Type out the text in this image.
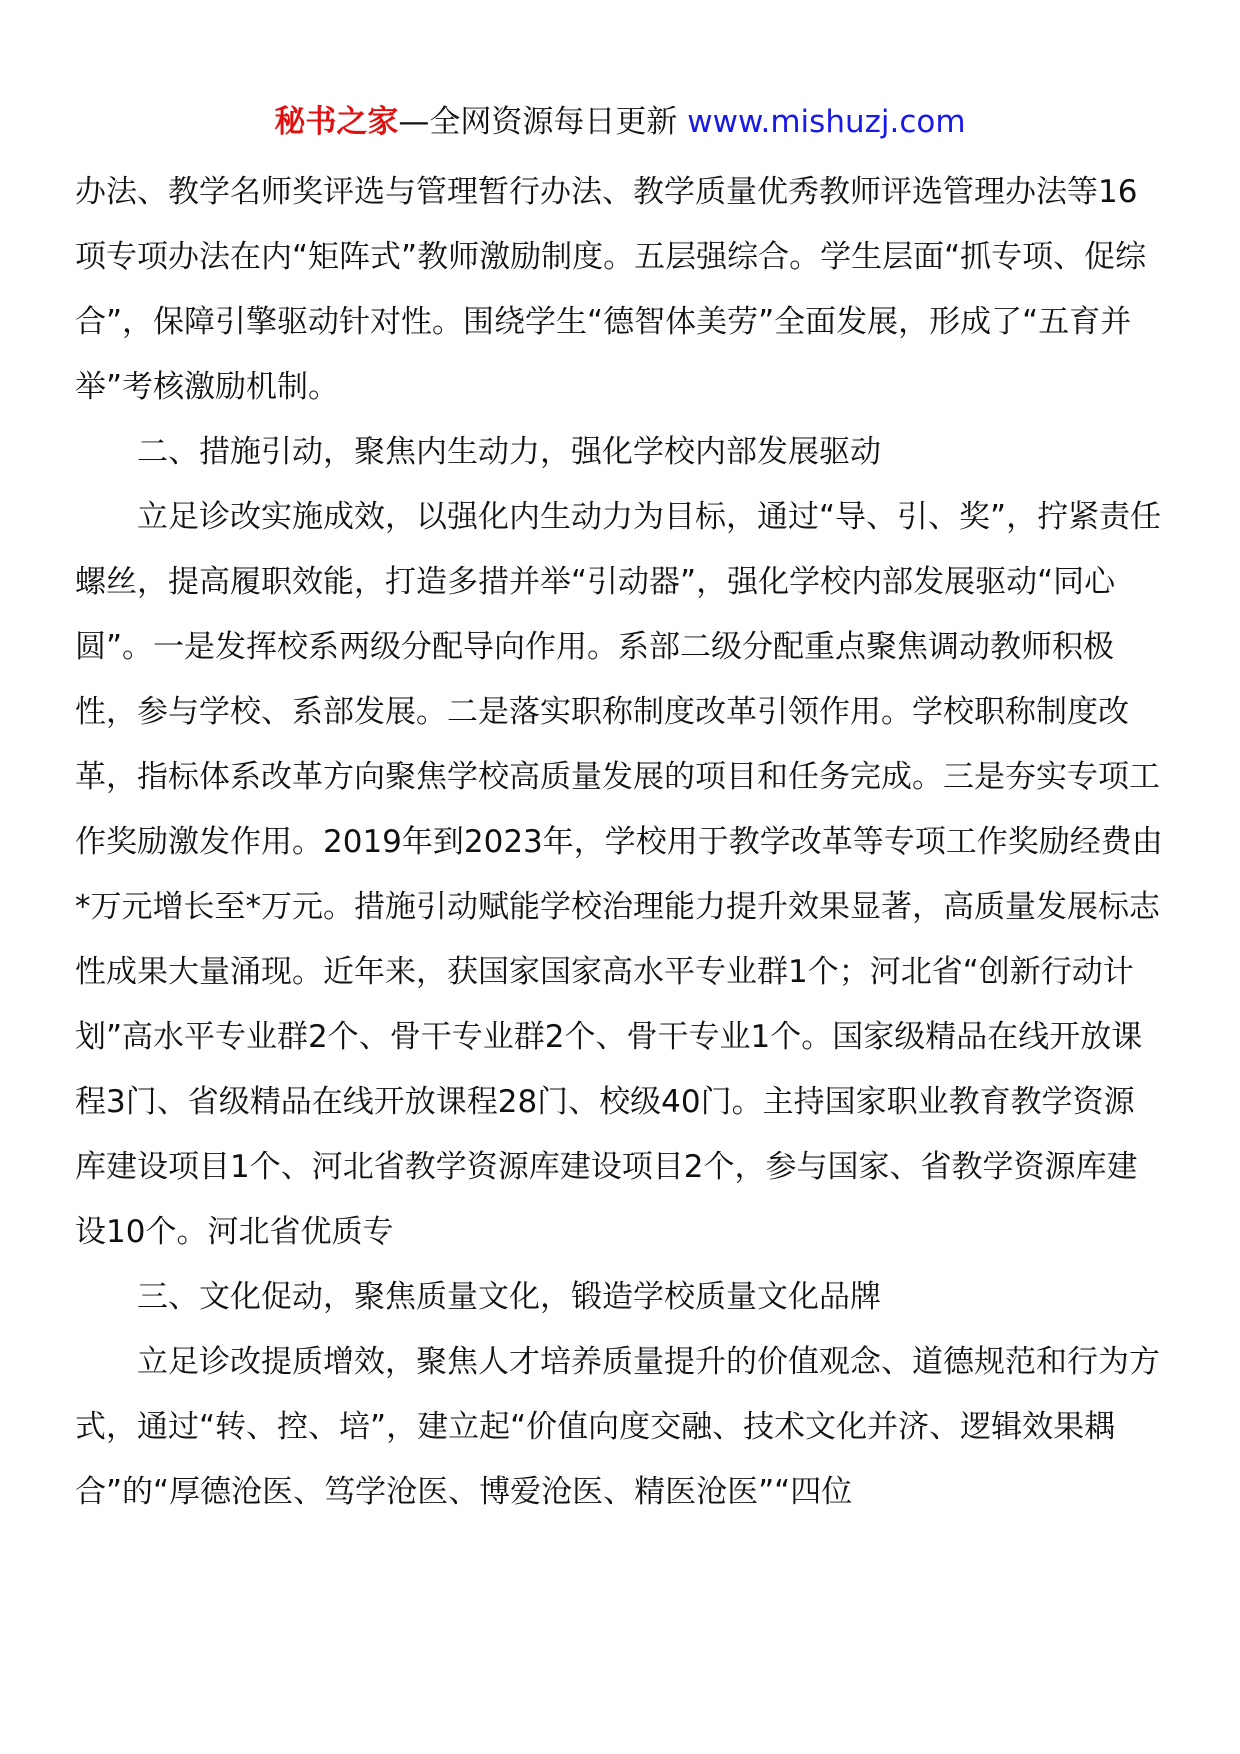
秘书之家—全网资源每日更新 www.mishuzj.com

办法、教学名师奖评选与管理暂行办法、教学质量优秀教师评选管理办法等16项专项办法在内“矩阵式”教师激励制度。五层强综合。学生层面“抓专项、促综合”，保障引擎驱动针对性。围绕学生“德智体美劳”全面发展，形成了“五育并举”考核激励机制。

二、措施引动，聚焦内生动力，强化学校内部发展驱动

立足诊改实施成效，以强化内生动力为目标，通过“导、引、奖”，拧紧责任螺丝，提高履职效能，打造多措并举“引动器”，强化学校内部发展驱动“同心圆”。一是发挥校系两级分配导向作用。系部二级分配重点聚焦调动教师积极性，参与学校、系部发展。二是落实职称制度改革引领作用。学校职称制度改革，指标体系改革方向聚焦学校高质量发展的项目和任务完成。三是夯实专项工作奖励激发作用。2019年到2023年，学校用于教学改革等专项工作奖励经费由*万元增长至*万元。措施引动赋能学校治理能力提升效果显著，高质量发展标志性成果大量涌现。近年来，获国家国家高水平专业群1个；河北省“创新行动计划”高水平专业群2个、骨干专业群2个、骨干专业1个。国家级精品在线开放课程3门、省级精品在线开放课程28门、校级40门。主持国家职业教育教学资源库建设项目1个、河北省教学资源库建设项目2个，参与国家、省教学资源库建设10个。河北省优质专

三、文化促动，聚焦质量文化，锻造学校质量文化品牌

立足诊改提质增效，聚焦人才培养质量提升的价值观念、道德规范和行为方式，通过“转、控、培”，建立起“价值向度交融、技术文化并济、逻辑效果耦合”的“厚德沧医、笃学沧医、博爱沧医、精医沧医”“四位
